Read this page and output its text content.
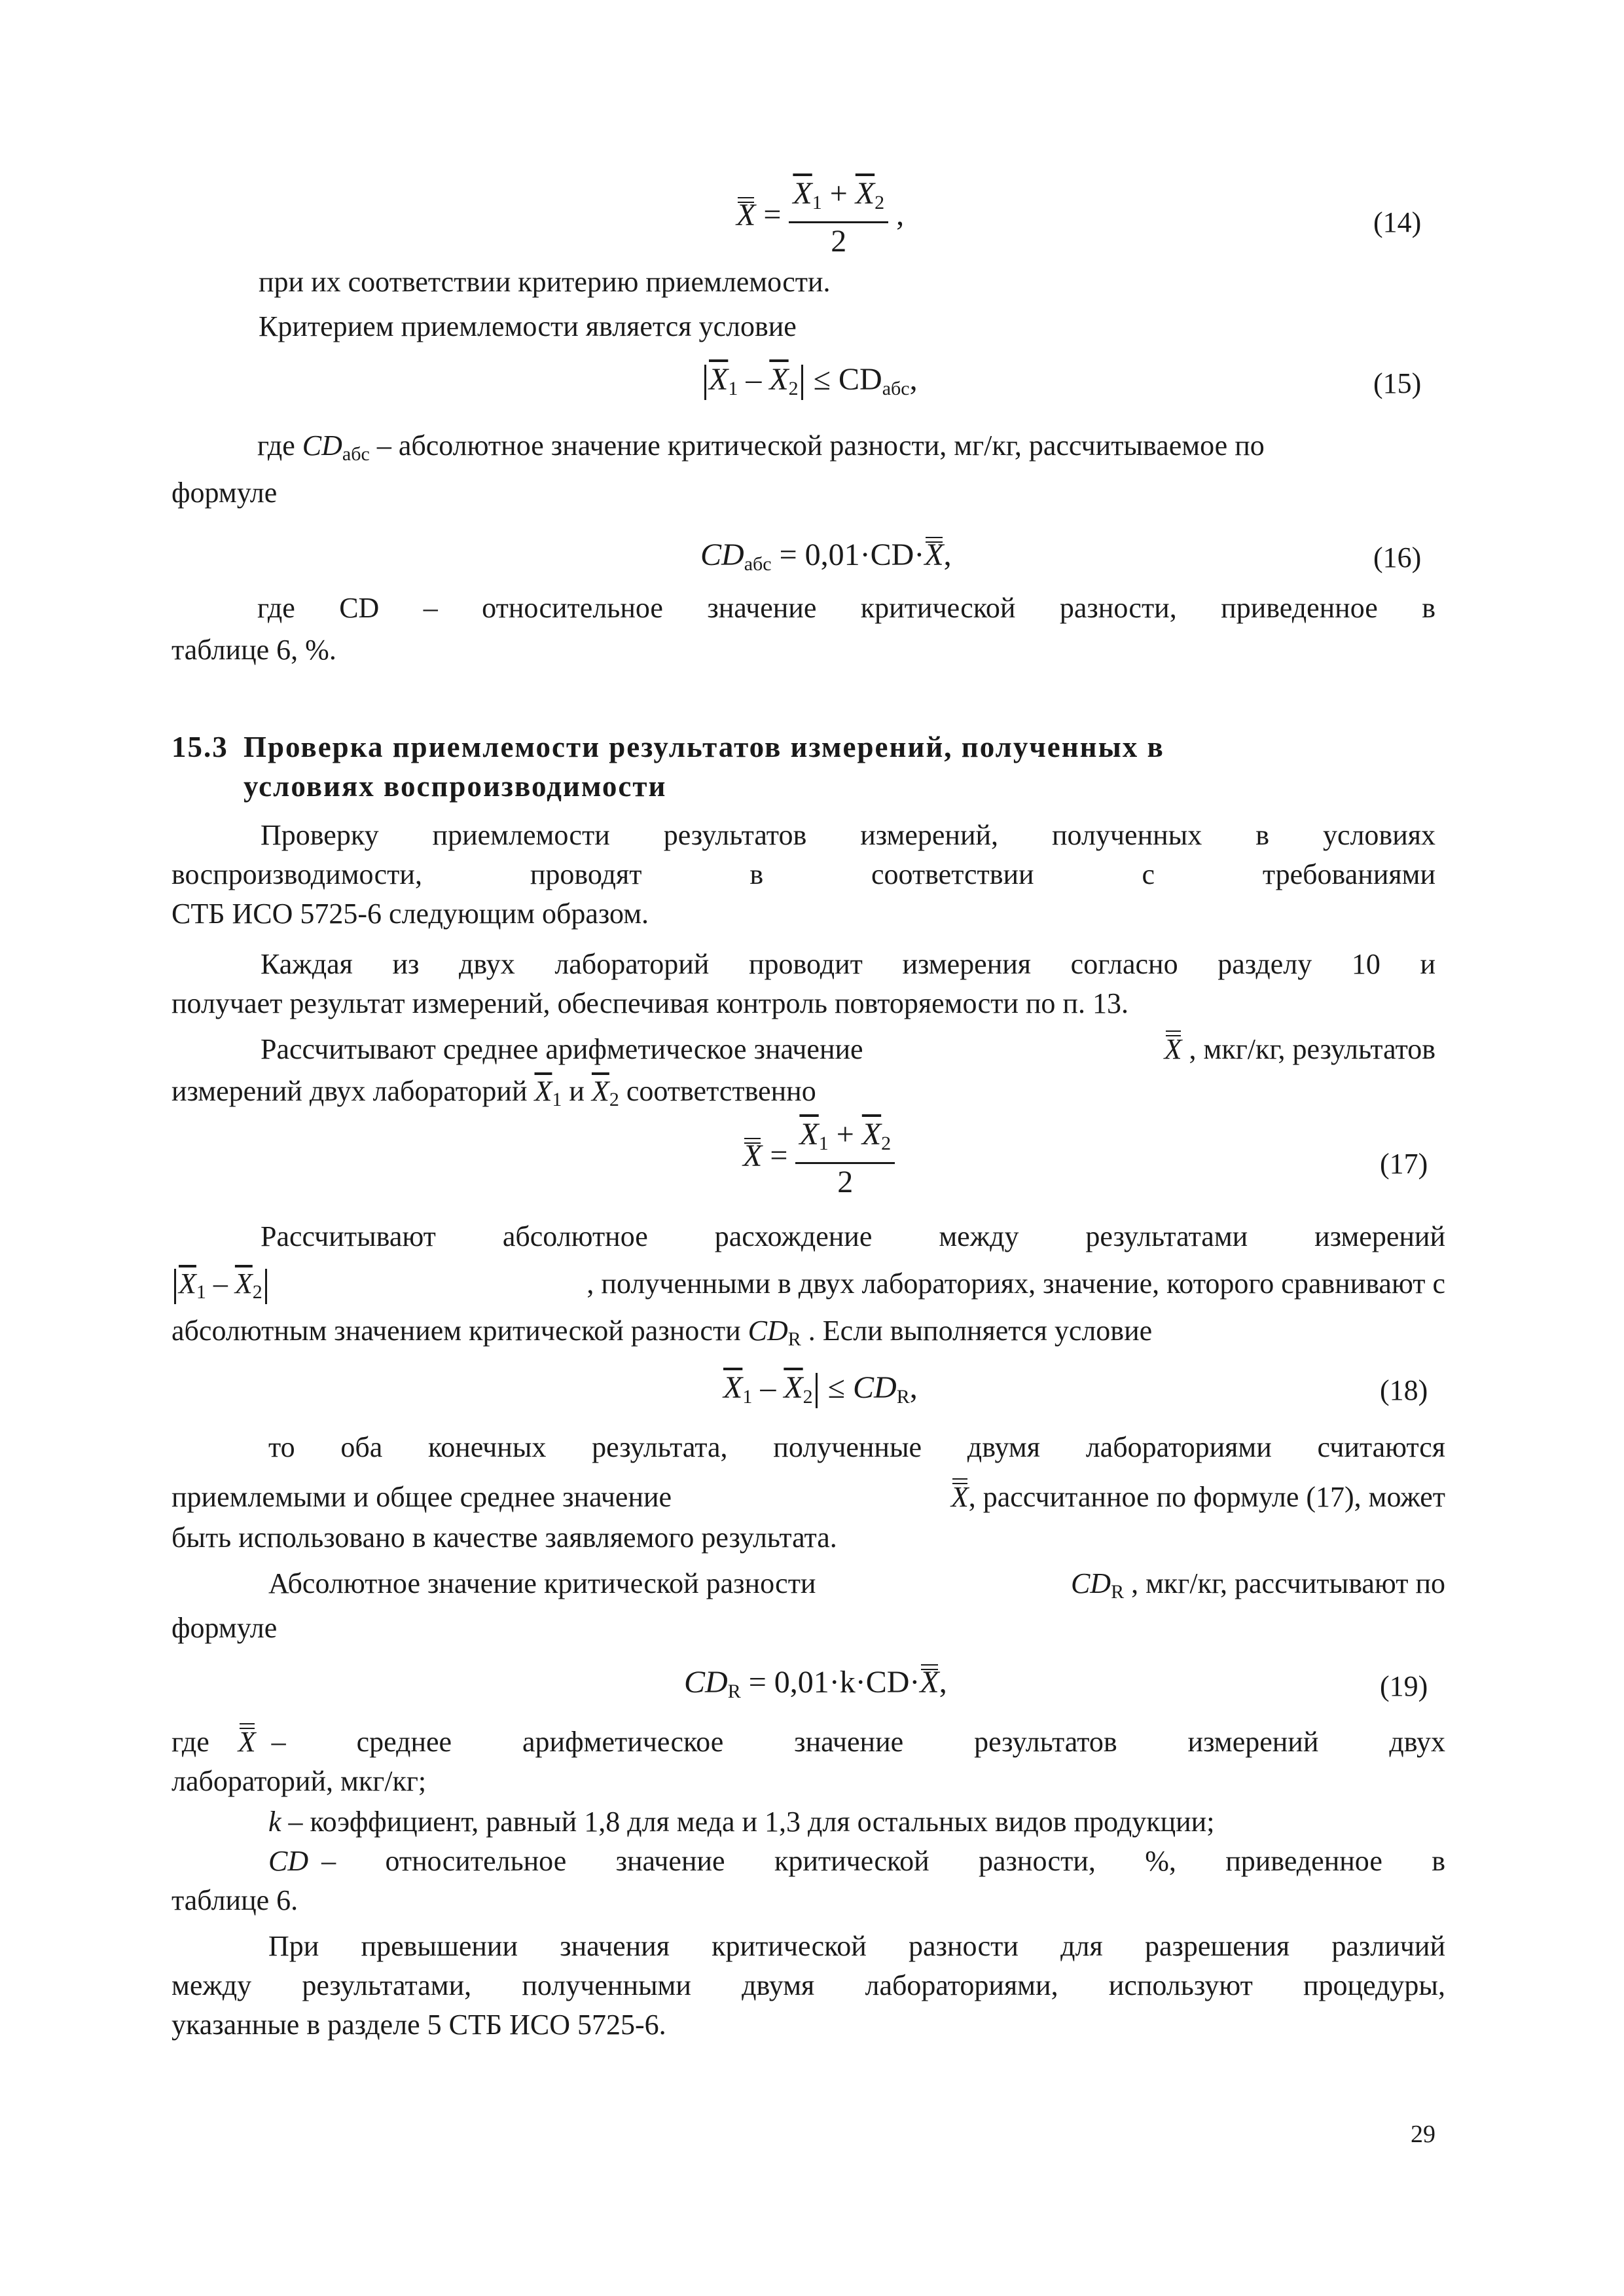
$X = \frac{\overline{X}_1 + \overline{X}_2}{2}$ ,	(14)
при их соответствии критерию приемлемости.
Критерием приемлемости является условие
$\overline{X}_1 - \overline{X}_2 \le CD_{абс}$,	(15)
где $CD_{абс}$ – абсолютное значение критической разности, мг/кг, рассчитываемое по
формуле
$CD_{абс} = 0,01\cdot CD\cdot X$,	(16)
где CD – относительное значение критической разности, приведенное в
таблице 6, %.
15.3 Проверка приемлемости результатов измерений, полученных в
условиях воспроизводимости
Проверку приемлемости результатов измерений, полученных в условиях
воспроизводимости, проводят в соответствии с требованиями
СТБ ИСО 5725-6 следующим образом.
Каждая из двух лабораторий проводит измерения согласно разделу 10 и
получает результат измерений, обеспечивая контроль повторяемости по п. 13.
Рассчитывают среднее арифметическое значение	X , мкг/кг, результатов
измерений двух лабораторий $\overline{X}_1$ и $\overline{X}_2$ соответственно
$X = \frac{\overline{X}_1 + \overline{X}_2}{2}$	(17)
Рассчитывают абсолютное расхождение между результатами измерений
$\overline{X}_1 - \overline{X}_2$	, полученными в двух лабораториях, значение, которого сравнивают с
абсолютным значением критической разности $CD_R$ . Если выполняется условие
$\overline{X}_1 - \overline{X}_2 \le CD_R$,	(18)
то оба конечных результата, полученные двумя лабораториями считаются
приемлемыми и общее среднее значение	X, рассчитанное по формуле (17), может
быть использовано в качестве заявляемого результата.
Абсолютное значение критической разности	$CD_R$ , мкг/кг, рассчитывают по
формуле
$CD_R = 0,01\cdot k\cdot CD\cdot X$,	(19)
где X – среднее арифметическое значение результатов измерений двух
лабораторий, мкг/кг;
k – коэффициент, равный 1,8 для меда и 1,3 для остальных видов продукции;
CD – относительное значение критической разности, %, приведенное в
таблице 6.
При превышении значения критической разности для разрешения различий
между результатами, полученными двумя лабораториями, используют процедуры,
указанные в разделе 5 СТБ ИСО 5725-6.
29
